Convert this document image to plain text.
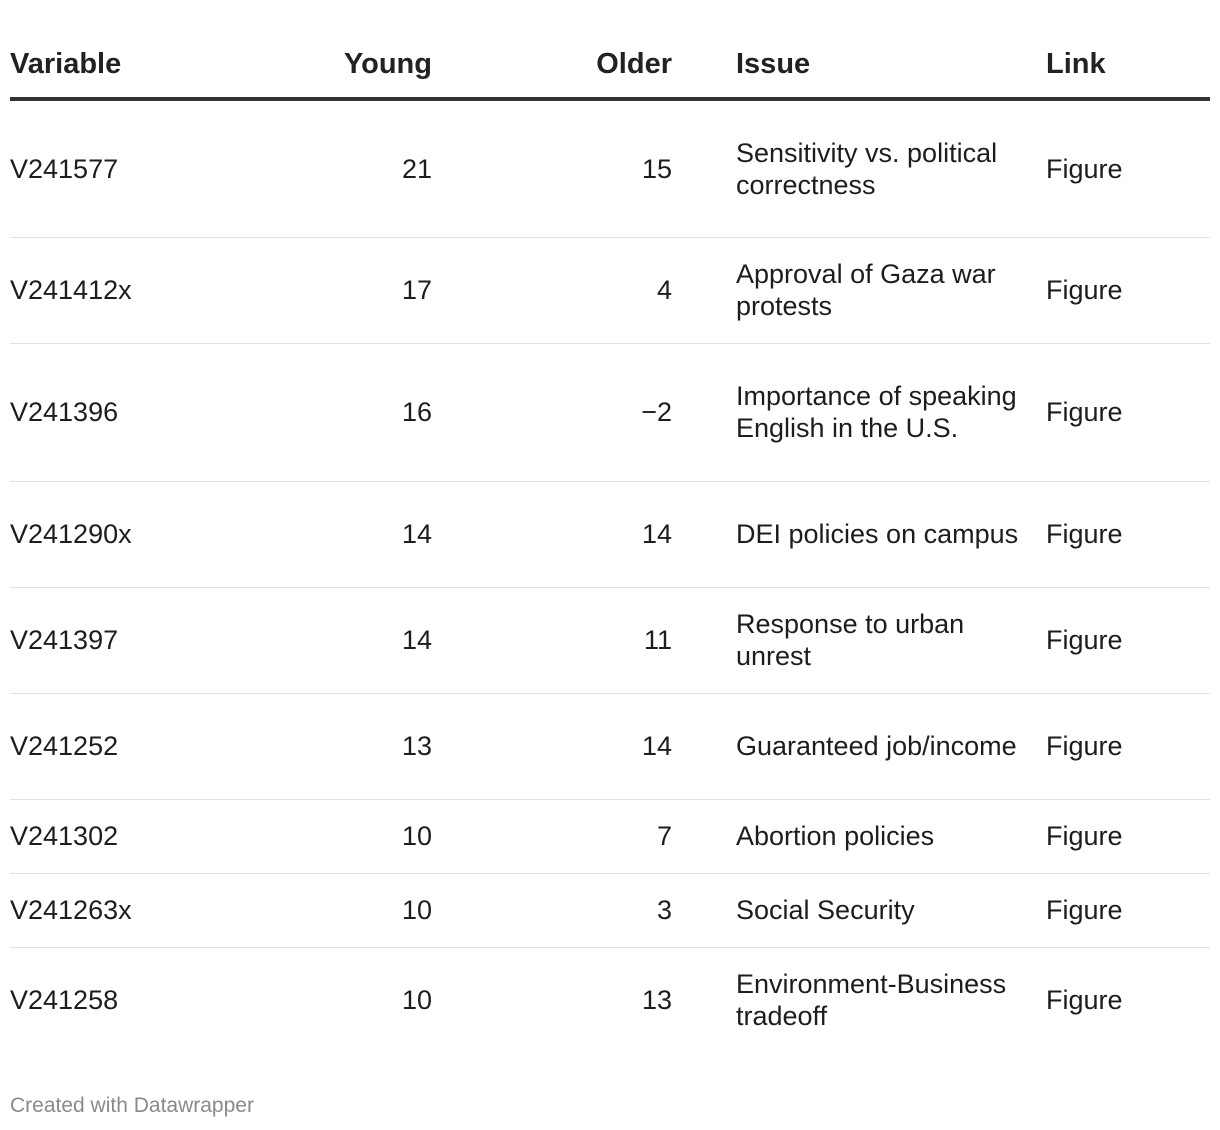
Variable	Young	Older		Issue	Link
V241577	21	15		Sensitivity vs. political correctness	Figure
V241412x	17	4		Approval of Gaza war protests	Figure
V241396	16	−2		Importance of speaking English in the U.S.	Figure
V241290x	14	14		DEI policies on campus	Figure
V241397	14	11		Response to urban unrest	Figure
V241252	13	14		Guaranteed job/income	Figure
V241302	10	7		Abortion policies	Figure
V241263x	10	3		Social Security	Figure
V241258	10	13		Environment-Business tradeoff	Figure
Created with Datawrapper
